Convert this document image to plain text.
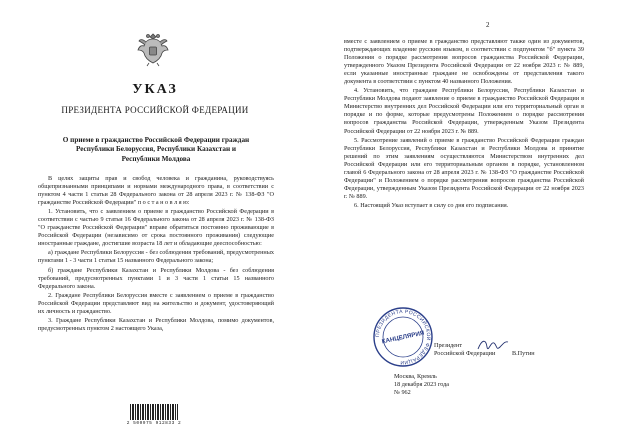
УКАЗ
ПРЕЗИДЕНТА РОССИЙСКОЙ ФЕДЕРАЦИИ
О приеме в гражданство Российской Федерации граждан
Республики Белоруссия, Республики Казахстан и
Республики Молдова

В целях защиты прав и свобод человека и гражданина, руководствуясь общепризнанными принципами и нормами международного права, в соответствии с пунктом 4 части 1 статьи 28 Федерального закона от 28 апреля 2023 г. № 138-ФЗ "О гражданстве Российской Федерации" п о с т а н о в л я ю:

1. Установить, что с заявлением о приеме в гражданство Российской Федерации в соответствии с частью 9 статьи 16 Федерального закона от 28 апреля 2023 г. № 138-ФЗ "О гражданстве Российской Федерации" вправе обратиться постоянно проживающие в Российской Федерации (независимо от срока постоянного проживания) следующие иностранные граждане, достигшие возраста 18 лет и обладающие дееспособностью:

а) граждане Республики Белоруссия - без соблюдения требований, предусмотренных пунктами 1 - 3 части 1 статьи 15 названного Федерального закона;

б) граждане Республики Казахстан и Республики Молдова - без соблюдения требований, предусмотренных пунктами 1 и 3 части 1 статьи 15 названного Федерального закона.

2. Граждане Республики Белоруссия вместе с заявлением о приеме в гражданство Российской Федерации представляют вид на жительство и документ, удостоверяющий их личность и гражданство.

3. Граждане Республики Казахстан и Республики Молдова, помимо документов, предусмотренных пунктом 2 настоящего Указа,

2 500975 912833 2
2

вместе с заявлением о приеме в гражданство представляют также один из документов, подтверждающих владение русским языком, в соответствии с подпунктом "б" пункта 39 Положения о порядке рассмотрения вопросов гражданства Российской Федерации, утвержденного Указом Президента Российской Федерации от 22 ноября 2023 г. № 889, если указанные иностранные граждане не освобождены от представления такого документа в соответствии с пунктом 40 названного Положения.

4. Установить, что граждане Республики Белоруссия, Республики Казахстан и Республики Молдова подают заявление о приеме в гражданство Российской Федерации в Министерство внутренних дел Российской Федерации или его территориальный орган в порядке и по форме, которые предусмотрены Положением о порядке рассмотрения вопросов гражданства Российской Федерации, утвержденным Указом Президента Российской Федерации от 22 ноября 2023 г. № 889.

5. Рассмотрение заявлений о приеме в гражданство Российской Федерации граждан Республики Белоруссия, Республики Казахстан и Республики Молдова и принятие решений по этим заявлениям осуществляются Министерством внутренних дел Российской Федерации или его территориальным органом в порядке, установленном главой 6 Федерального закона от 28 апреля 2023 г. № 138-ФЗ "О гражданстве Российской Федерации" и Положением о порядке рассмотрения вопросов гражданства Российской Федерации, утвержденным Указом Президента Российской Федерации от 22 ноября 2023 г. № 889.

6. Настоящий Указ вступает в силу со дня его подписания.

ПРЕЗИДЕНТА РОССИЙСКОЙ ФЕДЕРАЦИИ
КАНЦЕЛЯРИЯ
Президент
Российской Федерации	В.Путин
Москва, Кремль
18 декабря 2023 года
№ 962
